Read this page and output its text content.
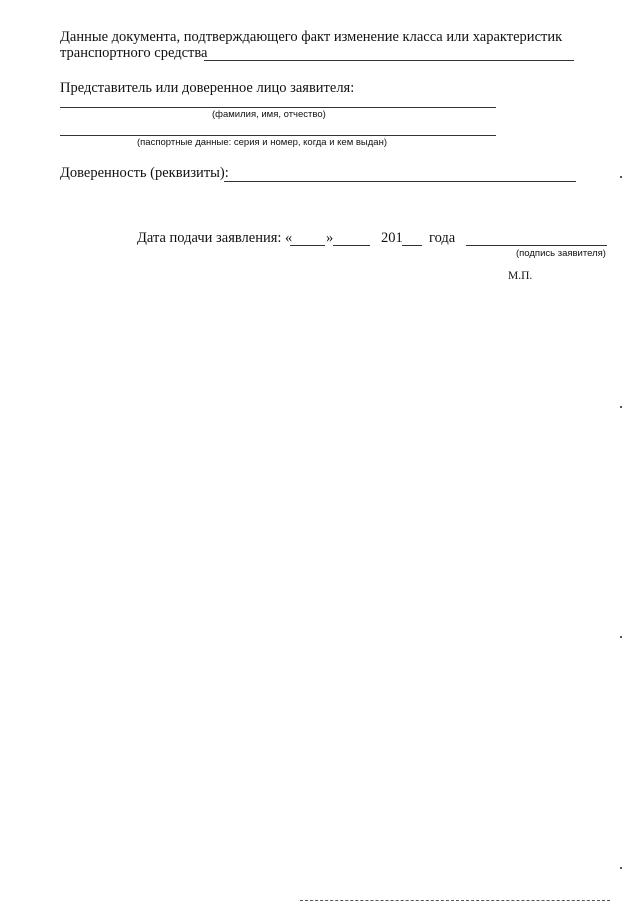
Данные документа, подтверждающего факт изменение класса или характеристик
транспортного средства
Представитель или доверенное лицо заявителя:
(фамилия, имя, отчество)
(паспортные данные: серия и номер, когда и кем выдан)
Доверенность (реквизиты):
Дата подачи заявления: « »	201 года
(подпись заявителя)
М.П.
